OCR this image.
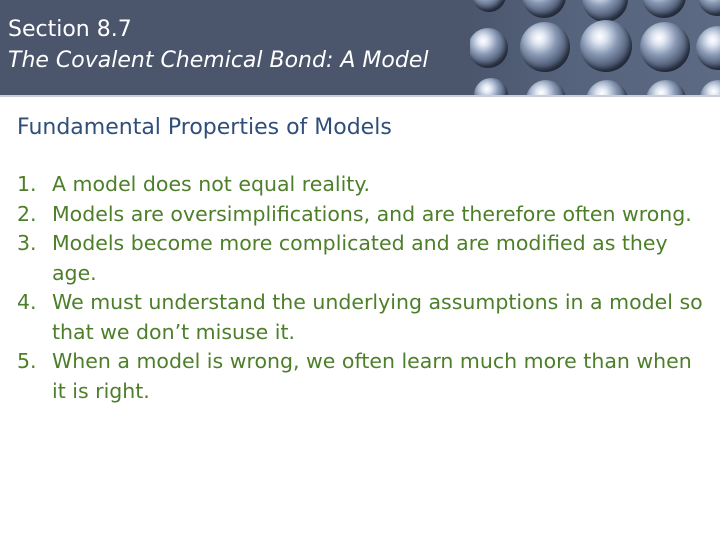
Section 8.7
The Covalent Chemical Bond: A Model
Fundamental Properties of Models
1. A model does not equal reality.
2. Models are oversimplifications, and are therefore often wrong.
3. Models become more complicated and are modified as they age.
4. We must understand the underlying assumptions in a model so that we don’t misuse it.
5. When a model is wrong, we often learn much more than when it is right.
